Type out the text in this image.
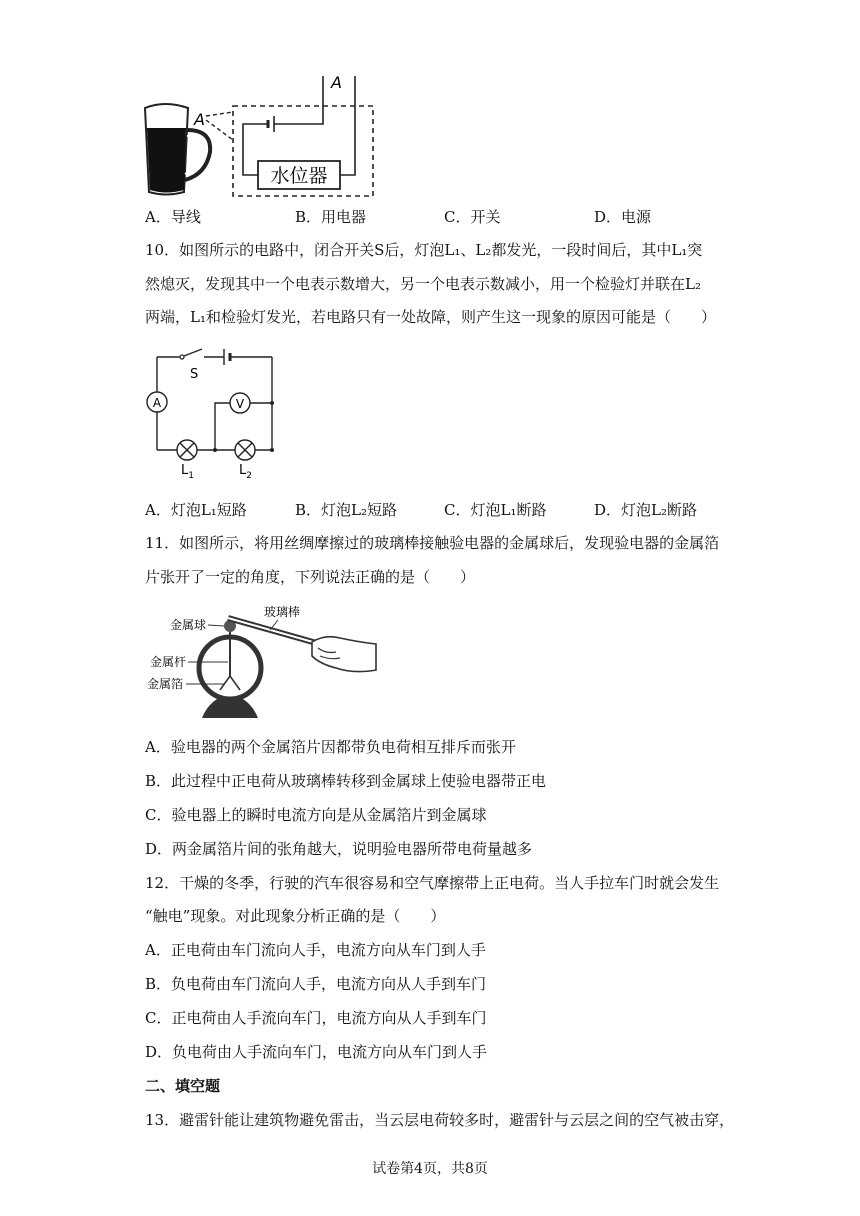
A
水位器
A
A．导线	B．用电器	C．开关	D．电源
10．如图所示的电路中，闭合开关S后，灯泡L₁、L₂都发光，一段时间后，其中L₁突
然熄灭，发现其中一个电表示数增大，另一个电表示数减小，用一个检验灯并联在L₂
两端，L₁和检验灯发光，若电路只有一处故障，则产生这一现象的原因可能是（　　）
S
A	V
$L_1$	$L_2$
A．灯泡L₁短路	B．灯泡L₂短路	C．灯泡L₁断路	D．灯泡L₂断路
11．如图所示，将用丝绸摩擦过的玻璃棒接触验电器的金属球后，发现验电器的金属箔
片张开了一定的角度，下列说法正确的是（　　）
玻璃棒
金属球
金属杆
金属箔
A．验电器的两个金属箔片因都带负电荷相互排斥而张开
B．此过程中正电荷从玻璃棒转移到金属球上使验电器带正电
C．验电器上的瞬时电流方向是从金属箔片到金属球
D．两金属箔片间的张角越大，说明验电器所带电荷量越多
12．干燥的冬季，行驶的汽车很容易和空气摩擦带上正电荷。当人手拉车门时就会发生
“触电”现象。对此现象分析正确的是（　　）
A．正电荷由车门流向人手，电流方向从车门到人手
B．负电荷由车门流向人手，电流方向从人手到车门
C．正电荷由人手流向车门，电流方向从人手到车门
D．负电荷由人手流向车门，电流方向从车门到人手
二、填空题
13．避雷针能让建筑物避免雷击，当云层电荷较多时，避雷针与云层之间的空气被击穿，
试卷第4页，共8页
